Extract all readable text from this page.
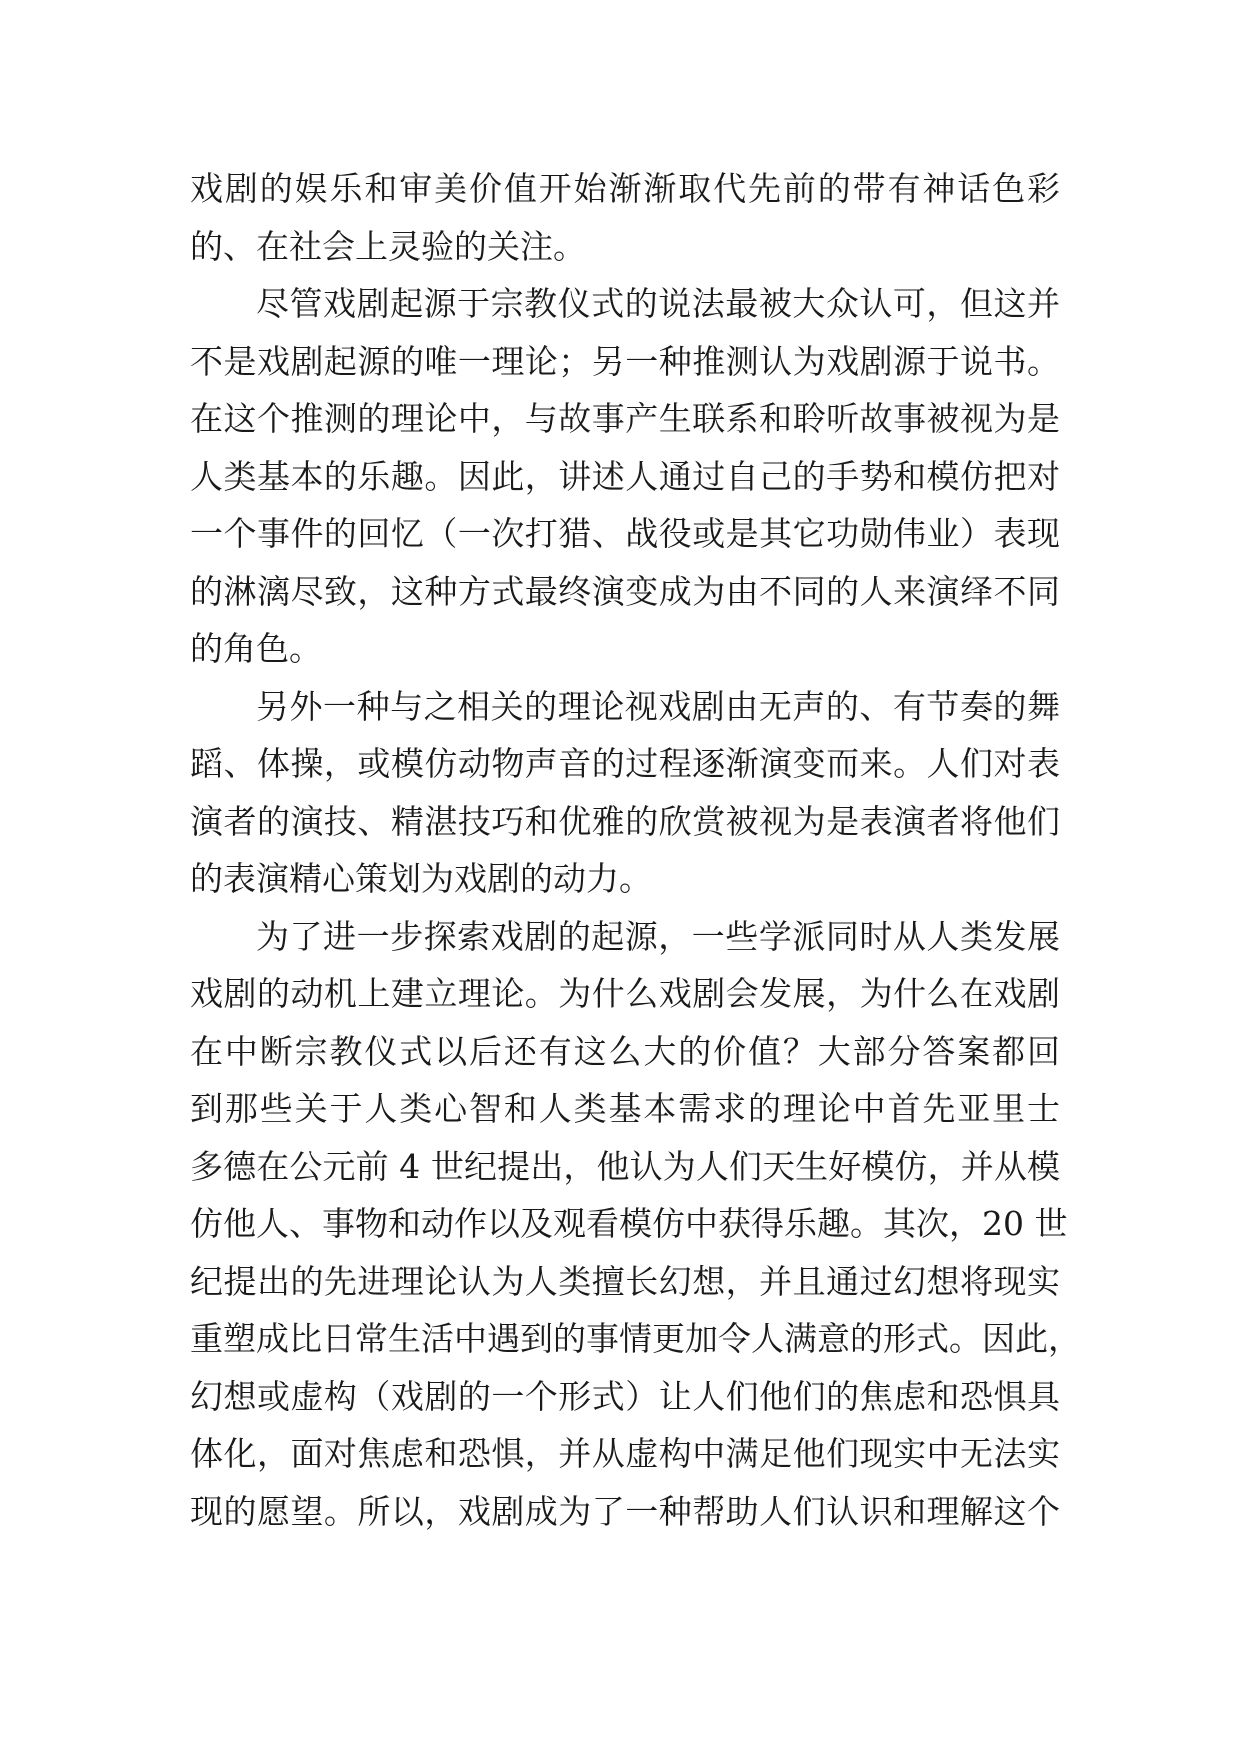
戏剧的娱乐和审美价值开始渐渐取代先前的带有神话色彩
的、在社会上灵验的关注。
尽管戏剧起源于宗教仪式的说法最被大众认可，但这并
不是戏剧起源的唯一理论；另一种推测认为戏剧源于说书。
在这个推测的理论中，与故事产生联系和聆听故事被视为是
人类基本的乐趣。因此，讲述人通过自己的手势和模仿把对
一个事件的回忆（一次打猎、战役或是其它功勋伟业）表现
的淋漓尽致，这种方式最终演变成为由不同的人来演绎不同
的角色。
另外一种与之相关的理论视戏剧由无声的、有节奏的舞
蹈、体操，或模仿动物声音的过程逐渐演变而来。人们对表
演者的演技、精湛技巧和优雅的欣赏被视为是表演者将他们
的表演精心策划为戏剧的动力。
为了进一步探索戏剧的起源，一些学派同时从人类发展
戏剧的动机上建立理论。为什么戏剧会发展，为什么在戏剧
在中断宗教仪式以后还有这么大的价值？大部分答案都回
到那些关于人类心智和人类基本需求的理论中首先亚里士
多德在公元前 4 世纪提出，他认为人们天生好模仿，并从模
仿他人、事物和动作以及观看模仿中获得乐趣。其次，20 世
纪提出的先进理论认为人类擅长幻想，并且通过幻想将现实
重塑成比日常生活中遇到的事情更加令人满意的形式。因此，
幻想或虚构（戏剧的一个形式）让人们他们的焦虑和恐惧具
体化，面对焦虑和恐惧，并从虚构中满足他们现实中无法实
现的愿望。所以，戏剧成为了一种帮助人们认识和理解这个
